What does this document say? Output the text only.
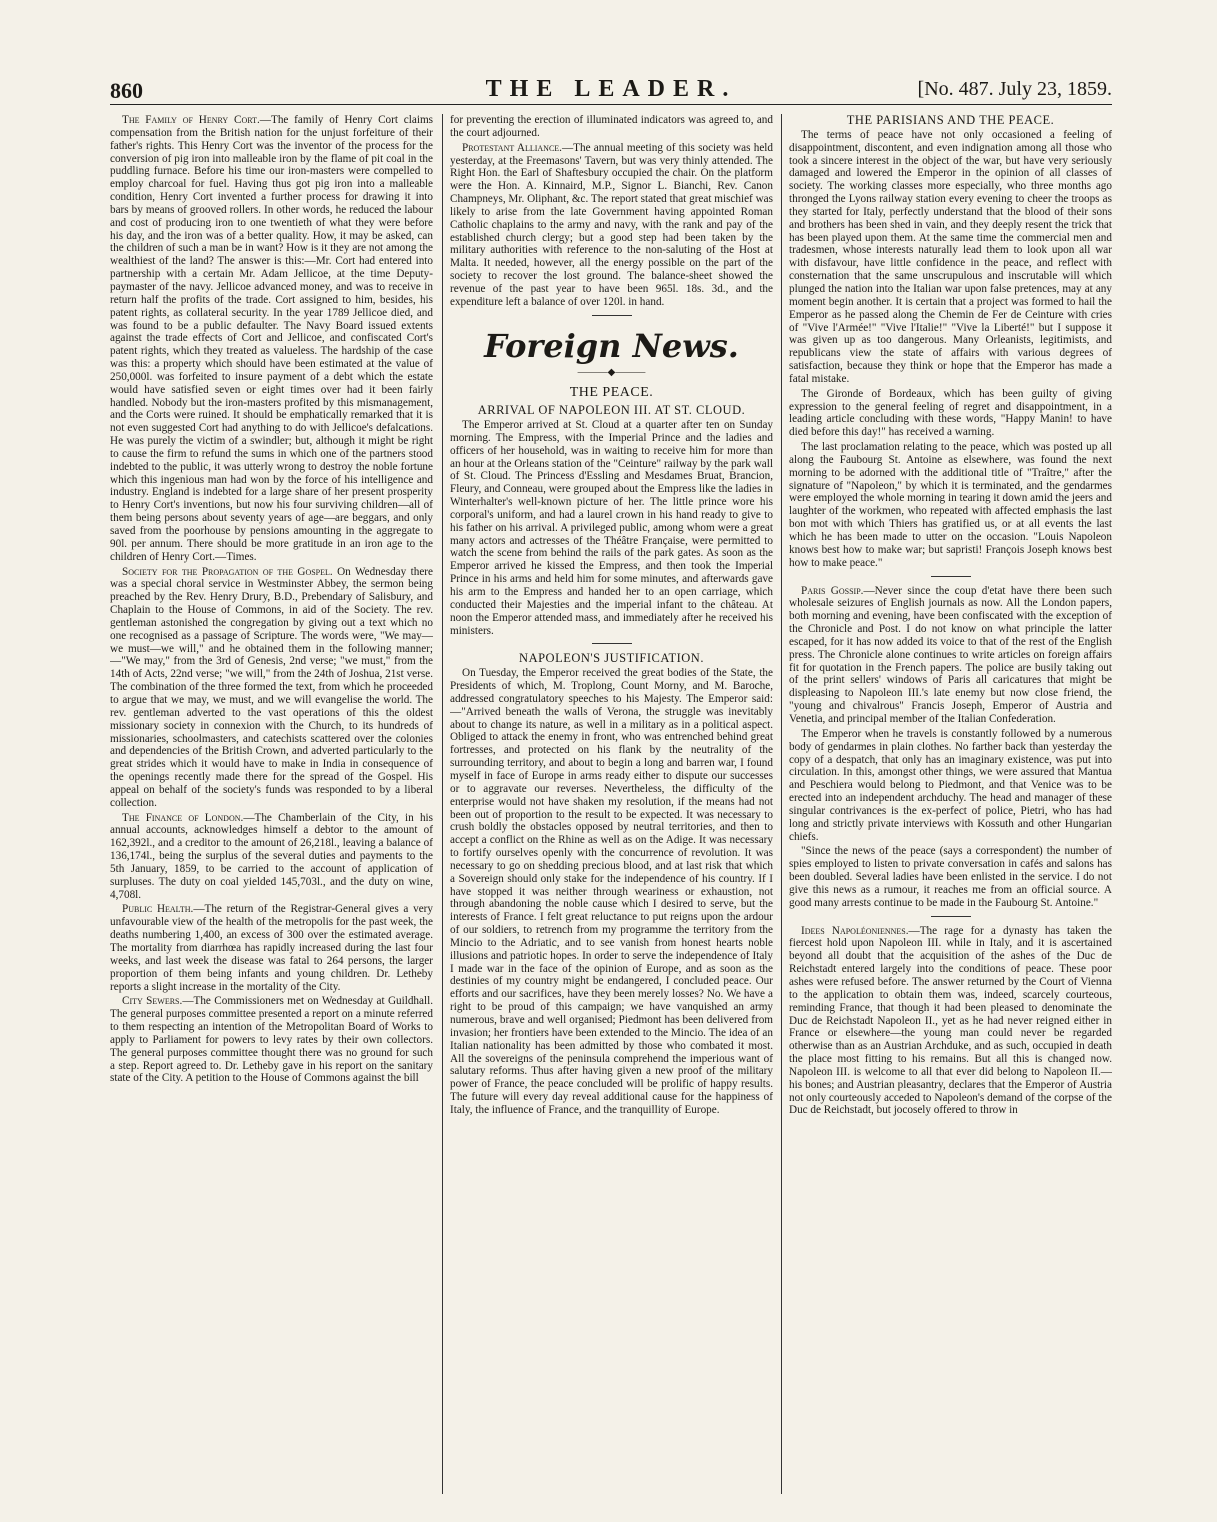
860	THE LEADER.	[No. 487. July 23, 1859.

The Family of Henry Cort.—The family of Henry Cort claims compensation from the British nation for the unjust forfeiture of their father's rights. This Henry Cort was the inventor of the process for the conversion of pig iron into malleable iron by the flame of pit coal in the puddling furnace. Before his time our iron-masters were compelled to employ charcoal for fuel. Having thus got pig iron into a malleable condition, Henry Cort invented a further process for drawing it into bars by means of grooved rollers. In other words, he reduced the labour and cost of producing iron to one twentieth of what they were before his day, and the iron was of a better quality. How, it may be asked, can the children of such a man be in want? How is it they are not among the wealthiest of the land? The answer is this:—Mr. Cort had entered into partnership with a certain Mr. Adam Jellicoe, at the time Deputy-paymaster of the navy. Jellicoe advanced money, and was to receive in return half the profits of the trade. Cort assigned to him, besides, his patent rights, as collateral security. In the year 1789 Jellicoe died, and was found to be a public defaulter. The Navy Board issued extents against the trade effects of Cort and Jellicoe, and confiscated Cort's patent rights, which they treated as valueless. The hardship of the case was this: a property which should have been estimated at the value of 250,000l. was forfeited to insure payment of a debt which the estate would have satisfied seven or eight times over had it been fairly handled. Nobody but the iron-masters profited by this mismanagement, and the Corts were ruined. It should be emphatically remarked that it is not even suggested Cort had anything to do with Jellicoe's defalcations. He was purely the victim of a swindler; but, although it might be right to cause the firm to refund the sums in which one of the partners stood indebted to the public, it was utterly wrong to destroy the noble fortune which this ingenious man had won by the force of his intelligence and industry. England is indebted for a large share of her present prosperity to Henry Cort's inventions, but now his four surviving children—all of them being persons about seventy years of age—are beggars, and only saved from the poorhouse by pensions amounting in the aggregate to 90l. per annum. There should be more gratitude in an iron age to the children of Henry Cort.—Times.

Society for the Propagation of the Gospel. On Wednesday there was a special choral service in Westminster Abbey, the sermon being preached by the Rev. Henry Drury, B.D., Prebendary of Salisbury, and Chaplain to the House of Commons, in aid of the Society. The rev. gentleman astonished the congregation by giving out a text which no one recognised as a passage of Scripture. The words were, "We may—we must—we will," and he obtained them in the following manner;—"We may," from the 3rd of Genesis, 2nd verse; "we must," from the 14th of Acts, 22nd verse; "we will," from the 24th of Joshua, 21st verse. The combination of the three formed the text, from which he proceeded to argue that we may, we must, and we will evangelise the world. The rev. gentleman adverted to the vast operations of this the oldest missionary society in connexion with the Church, to its hundreds of missionaries, schoolmasters, and catechists scattered over the colonies and dependencies of the British Crown, and adverted particularly to the great strides which it would have to make in India in consequence of the openings recently made there for the spread of the Gospel. His appeal on behalf of the society's funds was responded to by a liberal collection.

The Finance of London.—The Chamberlain of the City, in his annual accounts, acknowledges himself a debtor to the amount of 162,392l., and a creditor to the amount of 26,218l., leaving a balance of 136,174l., being the surplus of the several duties and payments to the 5th January, 1859, to be carried to the account of application of surpluses. The duty on coal yielded 145,703l., and the duty on wine, 4,708l.

Public Health.—The return of the Registrar-General gives a very unfavourable view of the health of the metropolis for the past week, the deaths numbering 1,400, an excess of 300 over the estimated average. The mortality from diarrhœa has rapidly increased during the last four weeks, and last week the disease was fatal to 264 persons, the larger proportion of them being infants and young children. Dr. Letheby reports a slight increase in the mortality of the City.

City Sewers.—The Commissioners met on Wednesday at Guildhall. The general purposes committee presented a report on a minute referred to them respecting an intention of the Metropolitan Board of Works to apply to Parliament for powers to levy rates by their own collectors. The general purposes committee thought there was no ground for such a step. Report agreed to. Dr. Letheby gave in his report on the sanitary state of the City. A petition to the House of Commons against the bill

for preventing the erection of illuminated indicators was agreed to, and the court adjourned.

Protestant Alliance.—The annual meeting of this society was held yesterday, at the Freemasons' Tavern, but was very thinly attended. The Right Hon. the Earl of Shaftesbury occupied the chair. On the platform were the Hon. A. Kinnaird, M.P., Signor L. Bianchi, Rev. Canon Champneys, Mr. Oliphant, &c. The report stated that great mischief was likely to arise from the late Government having appointed Roman Catholic chaplains to the army and navy, with the rank and pay of the established church clergy; but a good step had been taken by the military authorities with reference to the non-saluting of the Host at Malta. It needed, however, all the energy possible on the part of the society to recover the lost ground. The balance-sheet showed the revenue of the past year to have been 965l. 18s. 3d., and the expenditure left a balance of over 120l. in hand.

Foreign News.
———◆———
THE PEACE.
ARRIVAL OF NAPOLEON III. AT ST. CLOUD.

The Emperor arrived at St. Cloud at a quarter after ten on Sunday morning. The Empress, with the Imperial Prince and the ladies and officers of her household, was in waiting to receive him for more than an hour at the Orleans station of the "Ceinture" railway by the park wall of St. Cloud. The Princess d'Essling and Mesdames Bruat, Brancion, Fleury, and Conneau, were grouped about the Empress like the ladies in Winterhalter's well-known picture of her. The little prince wore his corporal's uniform, and had a laurel crown in his hand ready to give to his father on his arrival. A privileged public, among whom were a great many actors and actresses of the Théâtre Française, were permitted to watch the scene from behind the rails of the park gates. As soon as the Emperor arrived he kissed the Empress, and then took the Imperial Prince in his arms and held him for some minutes, and afterwards gave his arm to the Empress and handed her to an open carriage, which conducted their Majesties and the imperial infant to the château. At noon the Emperor attended mass, and immediately after he received his ministers.

NAPOLEON'S JUSTIFICATION.

On Tuesday, the Emperor received the great bodies of the State, the Presidents of which, M. Troplong, Count Morny, and M. Baroche, addressed congratulatory speeches to his Majesty. The Emperor said:—"Arrived beneath the walls of Verona, the struggle was inevitably about to change its nature, as well in a military as in a political aspect. Obliged to attack the enemy in front, who was entrenched behind great fortresses, and protected on his flank by the neutrality of the surrounding territory, and about to begin a long and barren war, I found myself in face of Europe in arms ready either to dispute our successes or to aggravate our reverses. Nevertheless, the difficulty of the enterprise would not have shaken my resolution, if the means had not been out of proportion to the result to be expected. It was necessary to crush boldly the obstacles opposed by neutral territories, and then to accept a conflict on the Rhine as well as on the Adige. It was necessary to fortify ourselves openly with the concurrence of revolution. It was necessary to go on shedding precious blood, and at last risk that which a Sovereign should only stake for the independence of his country. If I have stopped it was neither through weariness or exhaustion, not through abandoning the noble cause which I desired to serve, but the interests of France. I felt great reluctance to put reigns upon the ardour of our soldiers, to retrench from my programme the territory from the Mincio to the Adriatic, and to see vanish from honest hearts noble illusions and patriotic hopes. In order to serve the independence of Italy I made war in the face of the opinion of Europe, and as soon as the destinies of my country might be endangered, I concluded peace. Our efforts and our sacrifices, have they been merely losses? No. We have a right to be proud of this campaign; we have vanquished an army numerous, brave and well organised; Piedmont has been delivered from invasion; her frontiers have been extended to the Mincio. The idea of an Italian nationality has been admitted by those who combated it most. All the sovereigns of the peninsula comprehend the imperious want of salutary reforms. Thus after having given a new proof of the military power of France, the peace concluded will be prolific of happy results. The future will every day reveal additional cause for the happiness of Italy, the influence of France, and the tranquillity of Europe.

THE PARISIANS AND THE PEACE.

The terms of peace have not only occasioned a feeling of disappointment, discontent, and even indignation among all those who took a sincere interest in the object of the war, but have very seriously damaged and lowered the Emperor in the opinion of all classes of society. The working classes more especially, who three months ago thronged the Lyons railway station every evening to cheer the troops as they started for Italy, perfectly understand that the blood of their sons and brothers has been shed in vain, and they deeply resent the trick that has been played upon them. At the same time the commercial men and tradesmen, whose interests naturally lead them to look upon all war with disfavour, have little confidence in the peace, and reflect with consternation that the same unscrupulous and inscrutable will which plunged the nation into the Italian war upon false pretences, may at any moment begin another. It is certain that a project was formed to hail the Emperor as he passed along the Chemin de Fer de Ceinture with cries of "Vive l'Armée!" "Vive l'Italie!" "Vive la Liberté!" but I suppose it was given up as too dangerous. Many Orleanists, legitimists, and republicans view the state of affairs with various degrees of satisfaction, because they think or hope that the Emperor has made a fatal mistake.

The Gironde of Bordeaux, which has been guilty of giving expression to the general feeling of regret and disappointment, in a leading article concluding with these words, "Happy Manin! to have died before this day!" has received a warning.

The last proclamation relating to the peace, which was posted up all along the Faubourg St. Antoine as elsewhere, was found the next morning to be adorned with the additional title of "Traître," after the signature of "Napoleon," by which it is terminated, and the gendarmes were employed the whole morning in tearing it down amid the jeers and laughter of the workmen, who repeated with affected emphasis the last bon mot with which Thiers has gratified us, or at all events the last which he has been made to utter on the occasion. "Louis Napoleon knows best how to make war; but sapristi! François Joseph knows best how to make peace."

Paris Gossip.—Never since the coup d'etat have there been such wholesale seizures of English journals as now. All the London papers, both morning and evening, have been confiscated with the exception of the Chronicle and Post. I do not know on what principle the latter escaped, for it has now added its voice to that of the rest of the English press. The Chronicle alone continues to write articles on foreign affairs fit for quotation in the French papers. The police are busily taking out of the print sellers' windows of Paris all caricatures that might be displeasing to Napoleon III.'s late enemy but now close friend, the "young and chivalrous" Francis Joseph, Emperor of Austria and Venetia, and principal member of the Italian Confederation.

The Emperor when he travels is constantly followed by a numerous body of gendarmes in plain clothes. No farther back than yesterday the copy of a despatch, that only has an imaginary existence, was put into circulation. In this, amongst other things, we were assured that Mantua and Peschiera would belong to Piedmont, and that Venice was to be erected into an independent archduchy. The head and manager of these singular contrivances is the ex-perfect of police, Pietri, who has had long and strictly private interviews with Kossuth and other Hungarian chiefs.

"Since the news of the peace (says a correspondent) the number of spies employed to listen to private conversation in cafés and salons has been doubled. Several ladies have been enlisted in the service. I do not give this news as a rumour, it reaches me from an official source. A good many arrests continue to be made in the Faubourg St. Antoine."

Idees Napoléoniennes.—The rage for a dynasty has taken the fiercest hold upon Napoleon III. while in Italy, and it is ascertained beyond all doubt that the acquisition of the ashes of the Duc de Reichstadt entered largely into the conditions of peace. These poor ashes were refused before. The answer returned by the Court of Vienna to the application to obtain them was, indeed, scarcely courteous, reminding France, that though it had been pleased to denominate the Duc de Reichstadt Napoleon II., yet as he had never reigned either in France or elsewhere—the young man could never be regarded otherwise than as an Austrian Archduke, and as such, occupied in death the place most fitting to his remains. But all this is changed now. Napoleon III. is welcome to all that ever did belong to Napoleon II.—his bones; and Austrian pleasantry, declares that the Emperor of Austria not only courteously acceded to Napoleon's demand of the corpse of the Duc de Reichstadt, but jocosely offered to throw in
